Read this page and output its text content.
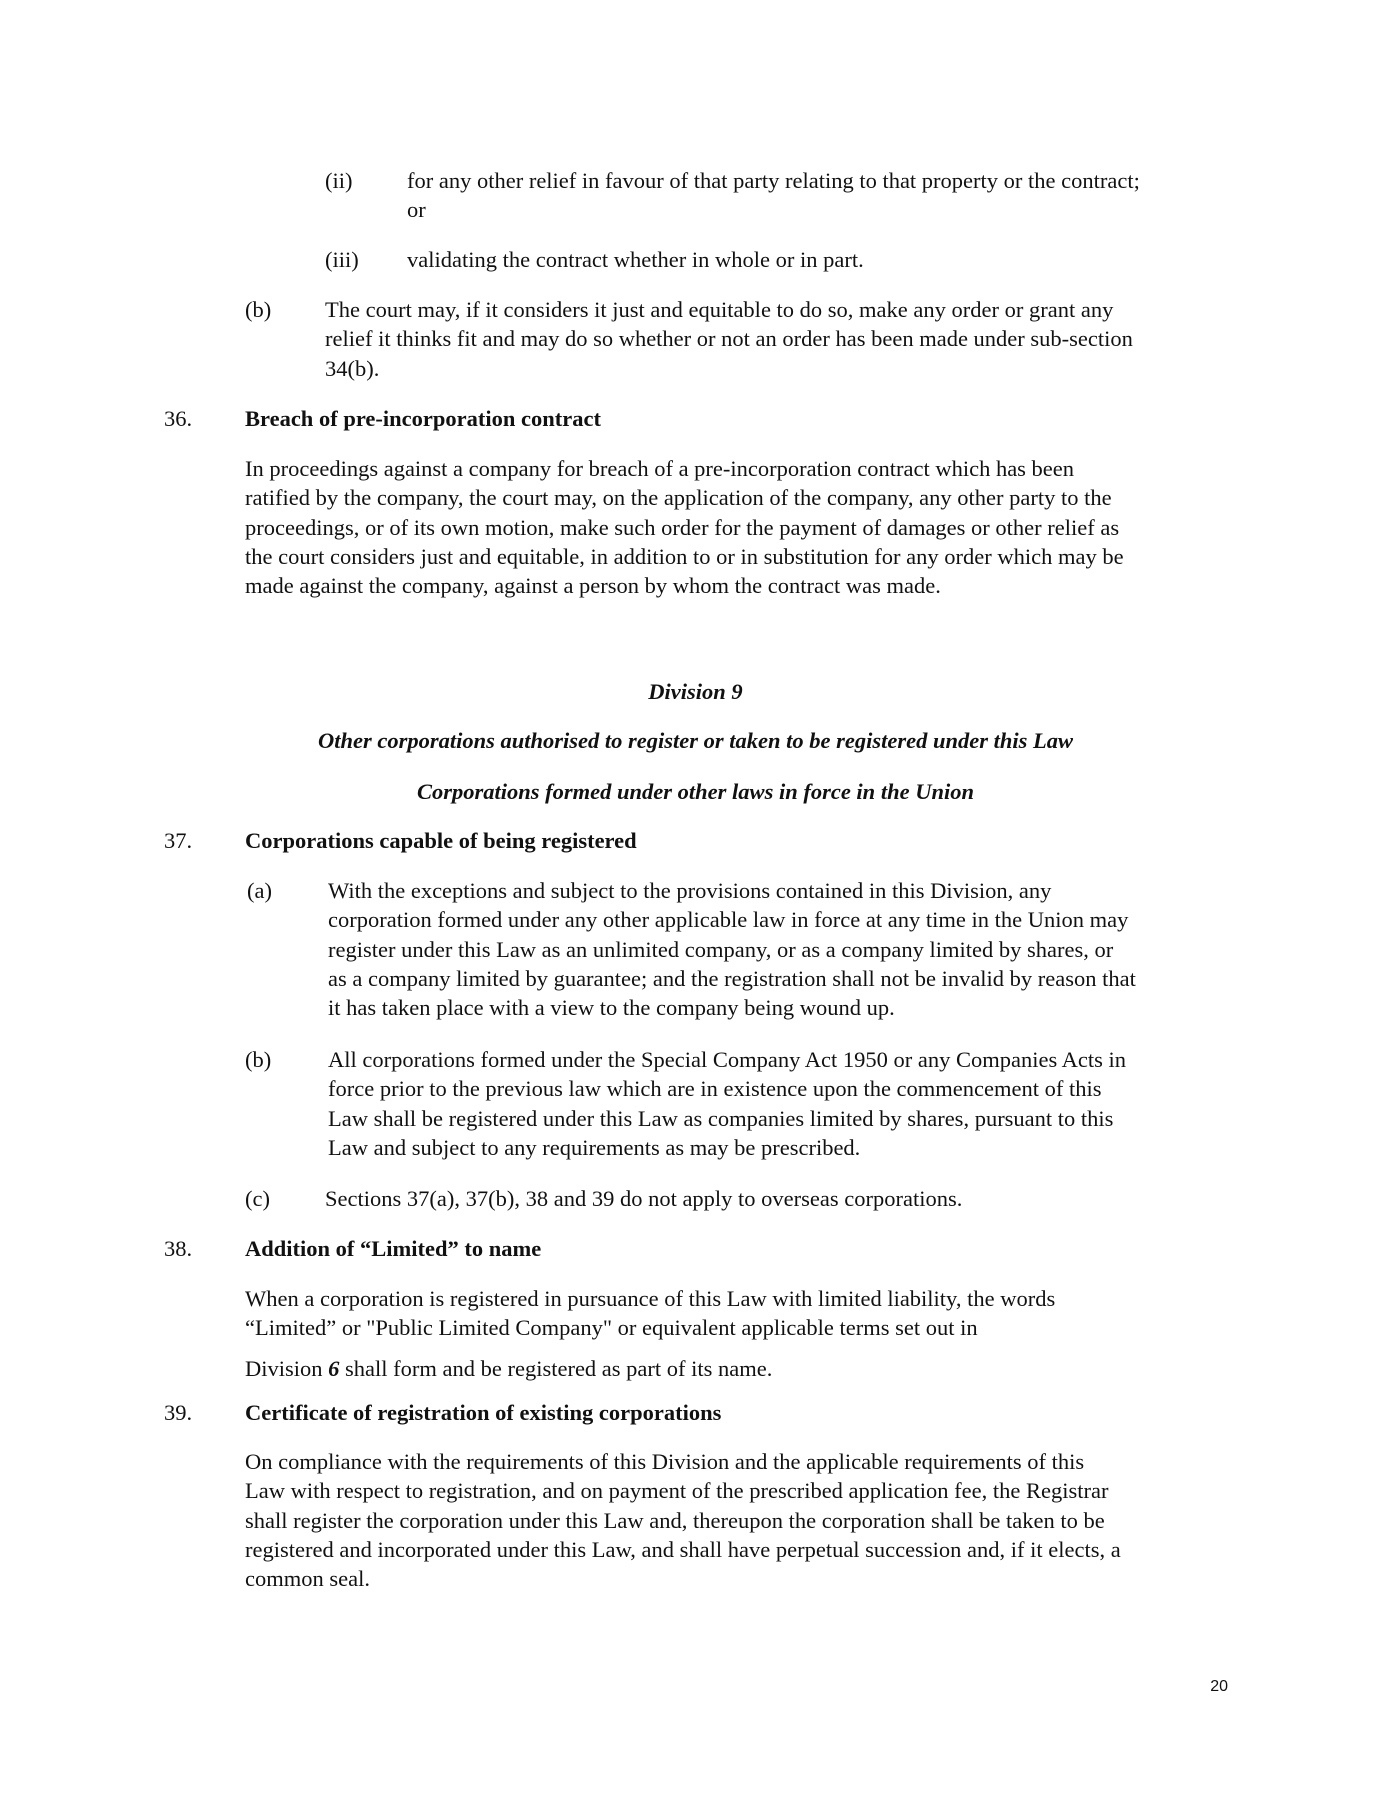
(ii) for any other relief in favour of that party relating to that property or the contract;
or
(iii) validating the contract whether in whole or in part.
(b) The court may, if it considers it just and equitable to do so, make any order or grant any
relief it thinks fit and may do so whether or not an order has been made under sub-section
34(b).
36. Breach of pre-incorporation contract
In proceedings against a company for breach of a pre-incorporation contract which has been
ratified by the company, the court may, on the application of the company, any other party to the
proceedings, or of its own motion, make such order for the payment of damages or other relief as
the court considers just and equitable, in addition to or in substitution for any order which may be
made against the company, against a person by whom the contract was made.
Division 9
Other corporations authorised to register or taken to be registered under this Law
Corporations formed under other laws in force in the Union
37. Corporations capable of being registered
(a) With the exceptions and subject to the provisions contained in this Division, any
corporation formed under any other applicable law in force at any time in the Union may
register under this Law as an unlimited company, or as a company limited by shares, or
as a company limited by guarantee; and the registration shall not be invalid by reason that
it has taken place with a view to the company being wound up.
(b)	All corporations formed under the Special Company Act 1950 or any Companies Acts in
force prior to the previous law which are in existence upon the commencement of this
Law shall be registered under this Law as companies limited by shares, pursuant to this
Law and subject to any requirements as may be prescribed.
(c) Sections 37(a), 37(b), 38 and 39 do not apply to overseas corporations.
38. Addition of “Limited” to name
When a corporation is registered in pursuance of this Law with limited liability, the words
“Limited” or "Public Limited Company" or equivalent applicable terms set out in
Division 6 shall form and be registered as part of its name.
39. Certificate of registration of existing corporations
On compliance with the requirements of this Division and the applicable requirements of this
Law with respect to registration, and on payment of the prescribed application fee, the Registrar
shall register the corporation under this Law and, thereupon the corporation shall be taken to be
registered and incorporated under this Law, and shall have perpetual succession and, if it elects, a
common seal.
20
